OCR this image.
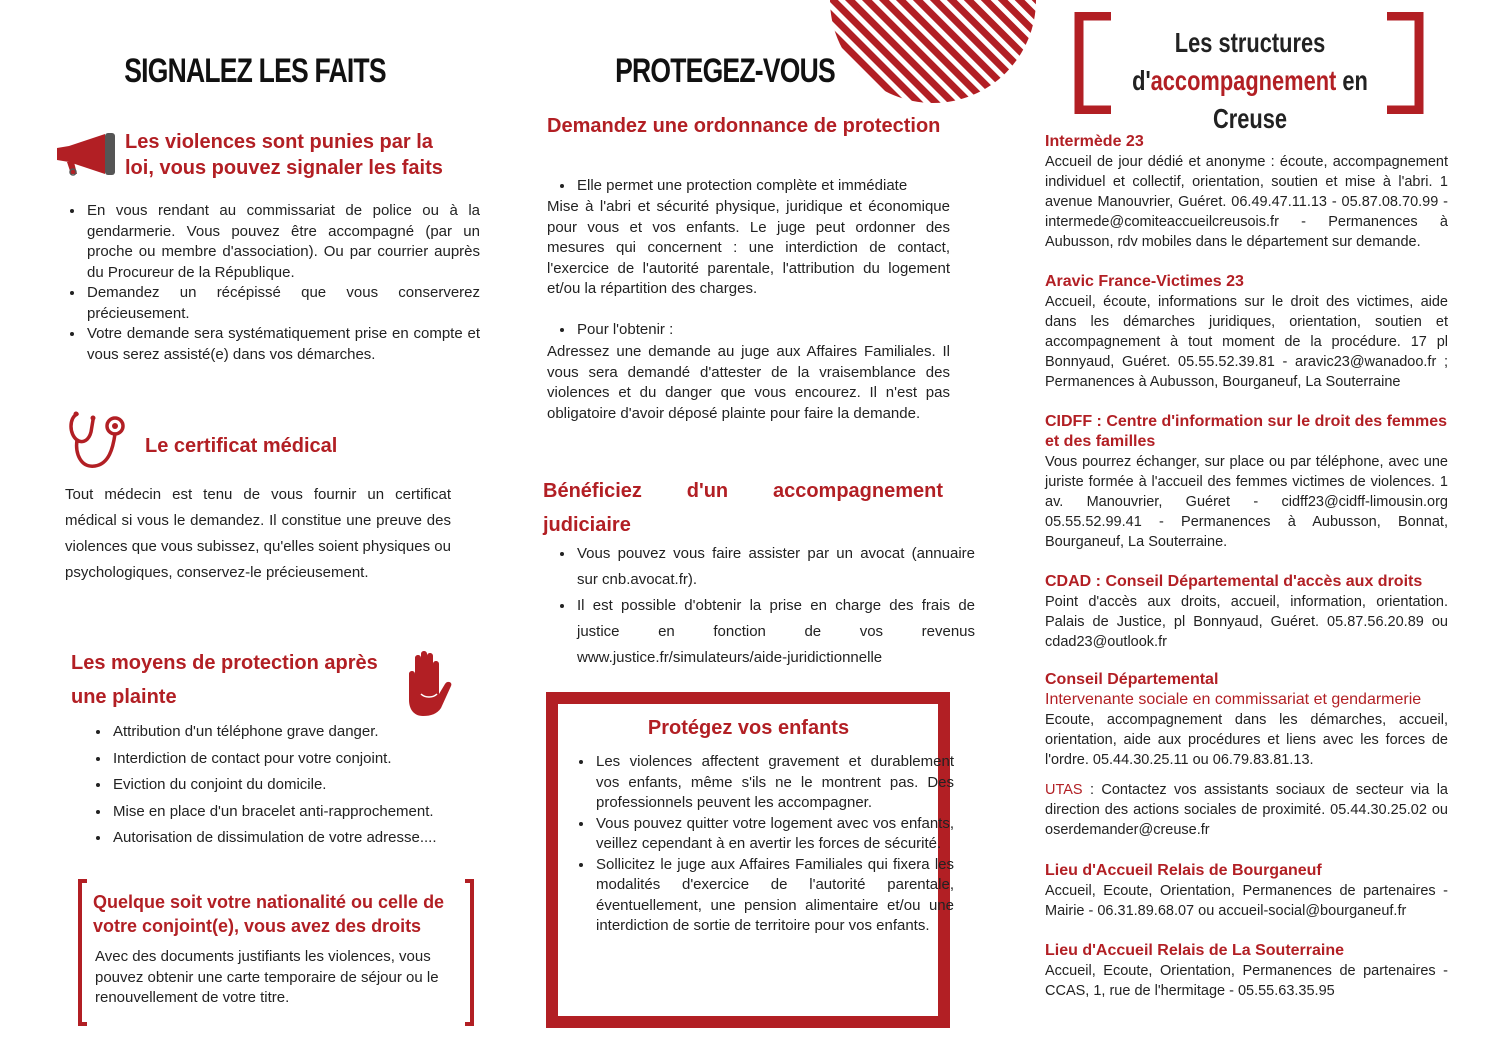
SIGNALEZ LES FAITS
Les violences sont punies par la loi, vous pouvez signaler les faits
• En vous rendant au commissariat de police ou à la gendarmerie. Vous pouvez être accompagné (par un proche ou membre d'association). Ou par courrier auprès du Procureur de la République.
• Demandez un récépissé que vous conserverez précieusement.
• Votre demande sera systématiquement prise en compte et vous serez assisté(e) dans vos démarches.
Le certificat médical

Tout médecin est tenu de vous fournir un certificat médical si vous le demandez. Il constitue une preuve des violences que vous subissez, qu'elles soient physiques ou psychologiques, conservez-le précieusement.

Les moyens de protection après une plainte
• Attribution d'un téléphone grave danger.
• Interdiction de contact pour votre conjoint.
• Eviction du conjoint du domicile.
• Mise en place d'un bracelet anti-rapprochement.
• Autorisation de dissimulation de votre adresse....
Quelque soit votre nationalité ou celle de votre conjoint(e), vous avez des droits

Avec des documents justifiants les violences, vous pouvez obtenir une carte temporaire de séjour ou le renouvellement de votre titre.

PROTEGEZ-VOUS
Demandez une ordonnance de protection
• Elle permet une protection complète et immédiate

Mise à l'abri et sécurité physique, juridique et économique pour vous et vos enfants. Le juge peut ordonner des mesures qui concernent : une interdiction de contact, l'exercice de l'autorité parentale, l'attribution du logement et/ou la répartition des charges.

• Pour l'obtenir :

Adressez une demande au juge aux Affaires Familiales. Il vous sera demandé d'attester de la vraisemblance des violences et du danger que vous encourez. Il n'est pas obligatoire d'avoir déposé plainte pour faire la demande.

Bénéficiez d'un accompagnement judiciaire
• Vous pouvez vous faire assister par un avocat (annuaire sur cnb.avocat.fr).
• Il est possible d'obtenir la prise en charge des frais de justice en fonction de vos revenus www.justice.fr/simulateurs/aide-juridictionnelle
Protégez vos enfants
• Les violences affectent gravement et durablement vos enfants, même s'ils ne le montrent pas. Des professionnels peuvent les accompagner.
• Vous pouvez quitter votre logement avec vos enfants, veillez cependant à en avertir les forces de sécurité.
• Sollicitez le juge aux Affaires Familiales qui fixera les modalités d'exercice de l'autorité parentale, éventuellement, une pension alimentaire et/ou une interdiction de sortie de territoire pour vos enfants.
Les structures
d'accompagnement en Creuse

Intermède 23

Accueil de jour dédié et anonyme : écoute, accompagnement individuel et collectif, orientation, soutien et mise à l'abri. 1 avenue Manouvrier, Guéret. 06.49.47.11.13 - 05.87.08.70.99 - intermede@comiteaccueilcreusois.fr - Permanences à Aubusson, rdv mobiles dans le département sur demande.

Aravic France-Victimes 23

Accueil, écoute, informations sur le droit des victimes, aide dans les démarches juridiques, orientation, soutien et accompagnement à tout moment de la procédure. 17 pl Bonnyaud, Guéret. 05.55.52.39.81 - aravic23@wanadoo.fr ; Permanences à Aubusson, Bourganeuf, La Souterraine

CIDFF : Centre d'information sur le droit des femmes et des familles

Vous pourrez échanger, sur place ou par téléphone, avec une juriste formée à l'accueil des femmes victimes de violences. 1 av. Manouvrier, Guéret - cidff23@cidff-limousin.org 05.55.52.99.41 - Permanences à Aubusson, Bonnat, Bourganeuf, La Souterraine.

CDAD : Conseil Départemental d'accès aux droits

Point d'accès aux droits, accueil, information, orientation. Palais de Justice, pl Bonnyaud, Guéret. 05.87.56.20.89 ou cdad23@outlook.fr

Conseil Départemental

Intervenante sociale en commissariat et gendarmerie

Ecoute, accompagnement dans les démarches, accueil, orientation, aide aux procédures et liens avec les forces de l'ordre. 05.44.30.25.11 ou 06.79.83.81.13.

UTAS : Contactez vos assistants sociaux de secteur via la direction des actions sociales de proximité. 05.44.30.25.02 ou oserdemander@creuse.fr

Lieu d'Accueil Relais de Bourganeuf

Accueil, Ecoute, Orientation, Permanences de partenaires - Mairie - 06.31.89.68.07 ou accueil-social@bourganeuf.fr

Lieu d'Accueil Relais de La Souterraine

Accueil, Ecoute, Orientation, Permanences de partenaires - CCAS, 1, rue de l'hermitage - 05.55.63.35.95
